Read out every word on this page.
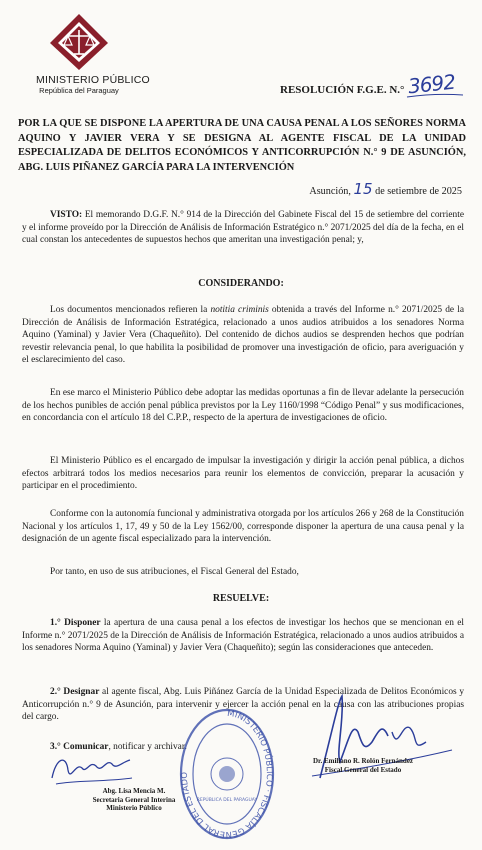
MINISTERIO PÚBLICO
República del Paraguay	RESOLUCIÓN F.G.E. N.° 3692
POR LA QUE SE DISPONE LA APERTURA DE UNA CAUSA PENAL A LOS SEÑORES NORMA AQUINO Y JAVIER VERA Y SE DESIGNA AL AGENTE FISCAL DE LA UNIDAD ESPECIALIZADA DE DELITOS ECONÓMICOS Y ANTICORRUPCIÓN N.° 9 DE ASUNCIÓN, ABG. LUIS PIÑANEZ GARCÍA PARA LA INTERVENCIÓN
Asunción, 15 de setiembre de 2025
VISTO: El memorando D.G.F. N.° 914 de la Dirección del Gabinete Fiscal del 15 de setiembre del corriente y el informe proveído por la Dirección de Análisis de Información Estratégico n.° 2071/2025 del día de la fecha, en el cual constan los antecedentes de supuestos hechos que ameritan una investigación penal; y,
CONSIDERANDO:
Los documentos mencionados refieren la notitia criminis obtenida a través del Informe n.° 2071/2025 de la Dirección de Análisis de Información Estratégica, relacionado a unos audios atribuidos a los senadores Norma Aquino (Yaminal) y Javier Vera (Chaqueñito). Del contenido de dichos audios se desprenden hechos que podrían revestir relevancia penal, lo que habilita la posibilidad de promover una investigación de oficio, para averiguación y el esclarecimiento del caso.
En ese marco el Ministerio Público debe adoptar las medidas oportunas a fin de llevar adelante la persecución de los hechos punibles de acción penal pública previstos por la Ley 1160/1998 “Código Penal” y sus modificaciones, en concordancia con el artículo 18 del C.P.P., respecto de la apertura de investigaciones de oficio.
El Ministerio Público es el encargado de impulsar la investigación y dirigir la acción penal pública, a dichos efectos arbitrará todos los medios necesarios para reunir los elementos de convicción, preparar la acusación y participar en el procedimiento.
Conforme con la autonomía funcional y administrativa otorgada por los artículos 266 y 268 de la Constitución Nacional y los artículos 1, 17, 49 y 50 de la Ley 1562/00, corresponde disponer la apertura de una causa penal y la designación de un agente fiscal especializado para la intervención.
Por tanto, en uso de sus atribuciones, el Fiscal General del Estado,
RESUELVE:
1.° Disponer la apertura de una causa penal a los efectos de investigar los hechos que se mencionan en el Informe n.° 2071/2025 de la Dirección de Análisis de Información Estratégica, relacionado a unos audios atribuidos a los senadores Norma Aquino (Yaminal) y Javier Vera (Chaqueñito); según las consideraciones que anteceden.
2.° Designar al agente fiscal, Abg. Luis Piñánez García de la Unidad Especializada de Delitos Económicos y Anticorrupción n.° 9 de Asunción, para intervenir y ejercer la acción penal en la causa con las atribuciones propias del cargo.
3.° Comunicar, notificar y archivar.
Abg. Lisa Mencia M.
Secretaria General Interina
Ministerio Público
MINISTERIO PÚBLICO · FISCALÍA GENERAL DEL ESTADO
REPÚBLICA DEL PARAGUAY
Dr. Emiliano R. Rolón Fernández
Fiscal General del Estado
